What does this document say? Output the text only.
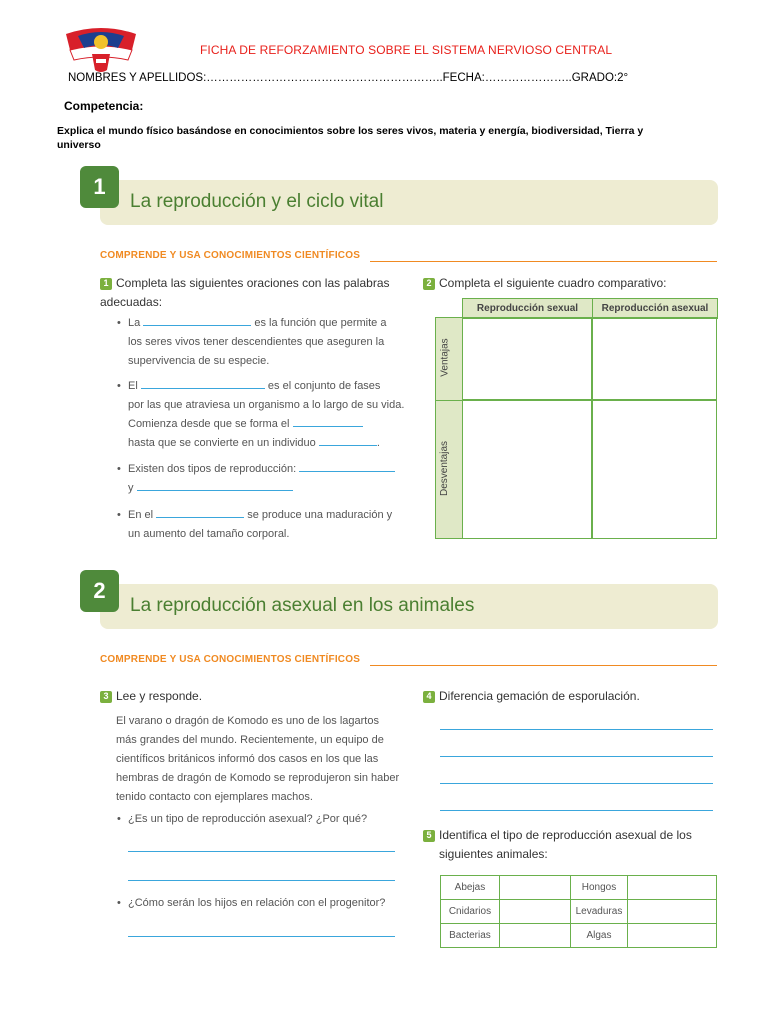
FICHA DE REFORZAMIENTO SOBRE EL SISTEMA NERVIOSO CENTRAL
NOMBRES Y APELLIDOS:……………………………………………………..FECHA:…………………..GRADO:2°
Competencia:
Explica el mundo físico basándose en conocimientos sobre los seres vivos, materia y energía, biodiversidad, Tierra y universo
1
La reproducción y el ciclo vital
COMPRENDE Y USA CONOCIMIENTOS CIENTÍFICOS
1 Completa las siguientes oraciones con las palabras adecuadas:
• La	es la función que permite a
los seres vivos tener descendientes que aseguren la
supervivencia de su especie.
• El	es el conjunto de fases
por las que atraviesa un organismo a lo largo de su vida.
Comienza desde que se forma el
hasta que se convierte en un individuo	.
• Existen dos tipos de reproducción:
y
• En el	se produce una maduración y
un aumento del tamaño corporal.
2 Completa el siguiente cuadro comparativo:
Reproducción sexual	Reproducción asexual
Ventajas
Desventajas
2
La reproducción asexual en los animales
COMPRENDE Y USA CONOCIMIENTOS CIENTÍFICOS
3 Lee y responde.
El varano o dragón de Komodo es uno de los lagartos
más grandes del mundo. Recientemente, un equipo de
científicos británicos informó dos casos en los que las
hembras de dragón de Komodo se reprodujeron sin haber
tenido contacto con ejemplares machos.
• ¿Es un tipo de reproducción asexual? ¿Por qué?
• ¿Cómo serán los hijos en relación con el progenitor?
4 Diferencia gemación de esporulación.
5 Identifica el tipo de reproducción asexual de los
siguientes animales:
Abejas		Hongos	
Cnidarios		Levaduras	
Bacterias		Algas	
